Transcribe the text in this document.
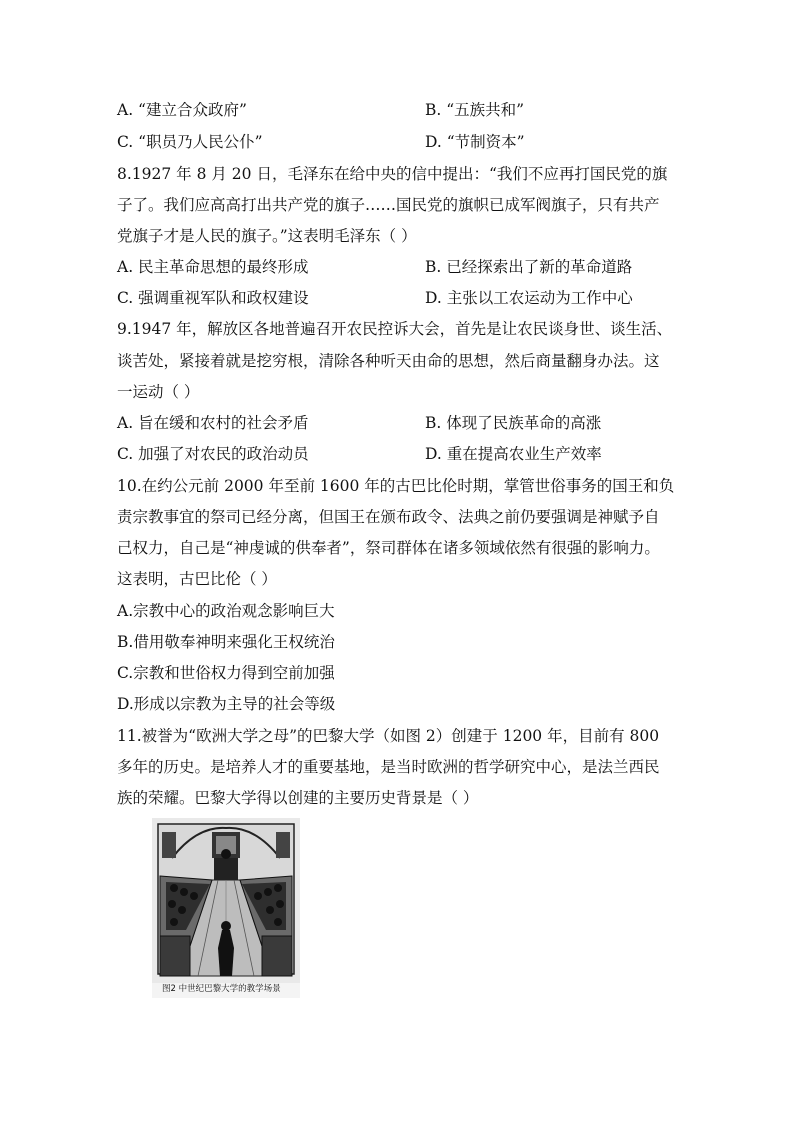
A. “建立合众政府”	B. “五族共和”
C. “职员乃人民公仆”	D. “节制资本”
8.1927 年 8 月 20 日，毛泽东在给中央的信中提出：“我们不应再打国民党的旗
子了。我们应高高打出共产党的旗子……国民党的旗帜已成军阀旗子，只有共产
党旗子才是人民的旗子。”这表明毛泽东（ ）
A. 民主革命思想的最终形成	B. 已经探索出了新的革命道路
C. 强调重视军队和政权建设	D. 主张以工农运动为工作中心
9.1947 年，解放区各地普遍召开农民控诉大会，首先是让农民谈身世、谈生活、
谈苦处，紧接着就是挖穷根，清除各种听天由命的思想，然后商量翻身办法。这
一运动（ ）
A. 旨在缓和农村的社会矛盾	B. 体现了民族革命的高涨
C. 加强了对农民的政治动员	D. 重在提高农业生产效率
10.在约公元前 2000 年至前 1600 年的古巴比伦时期，掌管世俗事务的国王和负
责宗教事宜的祭司已经分离，但国王在颁布政令、法典之前仍要强调是神赋予自
己权力，自己是“神虔诚的供奉者”，祭司群体在诸多领域依然有很强的影响力。
这表明，古巴比伦（ ）
A.宗教中心的政治观念影响巨大
B.借用敬奉神明来强化王权统治
C.宗教和世俗权力得到空前加强
D.形成以宗教为主导的社会等级
11.被誉为“欧洲大学之母”的巴黎大学（如图 2）创建于 1200 年，目前有 800
多年的历史。是培养人才的重要基地，是当时欧洲的哲学研究中心，是法兰西民
族的荣耀。巴黎大学得以创建的主要历史背景是（ ）
图2 中世纪巴黎大学的教学场景
